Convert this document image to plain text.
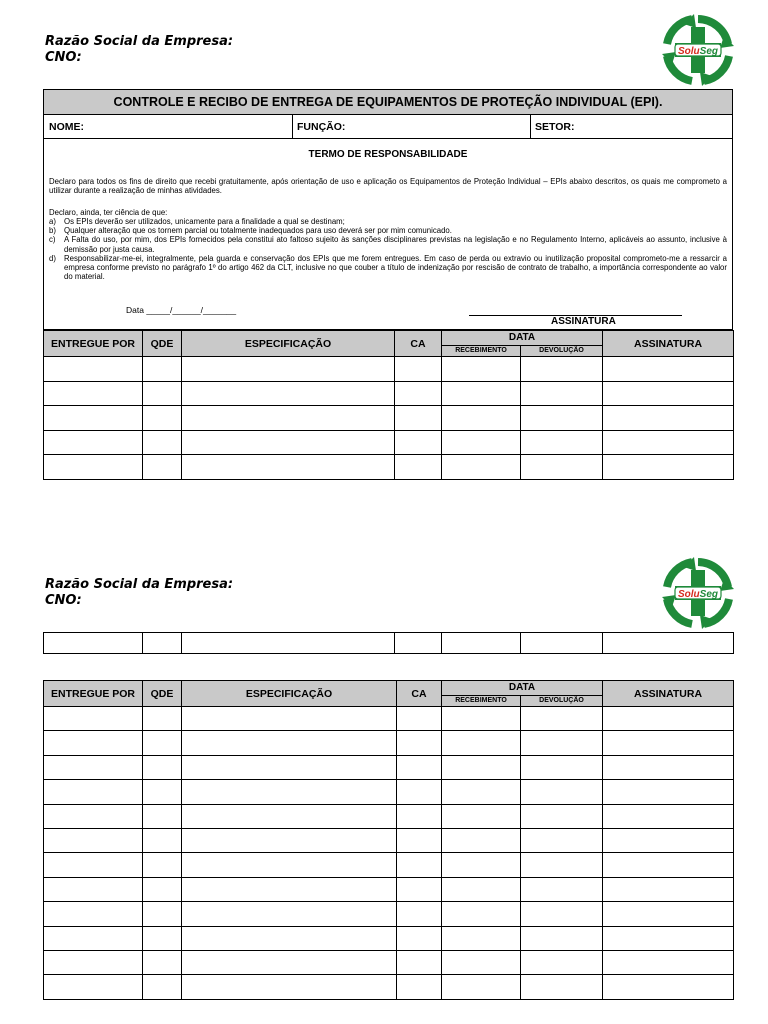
Razão Social da Empresa:
CNO:	SoluSeg
CONTROLE E RECIBO DE ENTREGA DE EQUIPAMENTOS DE PROTEÇÃO INDIVIDUAL (EPI).
NOME:	FUNÇÃO:	SETOR:
TERMO DE RESPONSABILIDADE
Declaro para todos os fins de direito que recebi gratuitamente, após orientação de uso e aplicação os Equipamentos de Proteção Individual – EPIs abaixo descritos, os quais me comprometo a utilizar durante a realização de minhas atividades.
Declaro, ainda, ter ciência de que:
a)	Os EPIs deverão ser utilizados, unicamente para a finalidade a qual se destinam;
b)	Qualquer alteração que os tornem parcial ou totalmente inadequados para uso deverá ser por mim comunicado.
c)	A Falta do uso, por mim, dos EPIs fornecidos pela constitui ato faltoso sujeito às sanções disciplinares previstas na legislação e no Regulamento Interno, aplicáveis ao assunto, inclusive à demissão por justa causa.
d)	Responsabilizar-me-ei, integralmente, pela guarda e conservação dos EPIs que me forem entregues. Em caso de perda ou extravio ou inutilização proposital comprometo-me a ressarcir a empresa conforme previsto no parágrafo 1º do artigo 462 da CLT, inclusive no que couber a título de indenização por rescisão de contrato de trabalho, a importância correspondente ao valor do material.
Data _____/______/_______
ASSINATURA
ENTREGUE POR	QDE	ESPECIFICAÇÃO	CA	DATA		ASSINATURA
				RECEBIMENTO	DEVOLUÇÃO	

Razão Social da Empresa:
CNO:	SoluSeg

ENTREGUE POR	QDE	ESPECIFICAÇÃO	CA	DATA		ASSINATURA
				RECEBIMENTO	DEVOLUÇÃO	
